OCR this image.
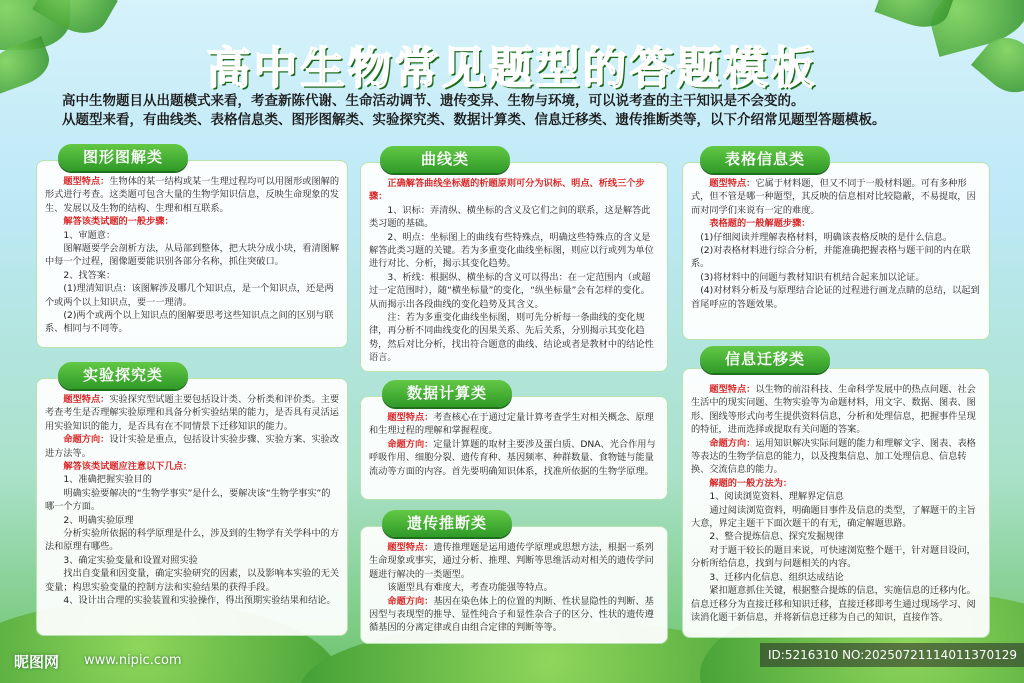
高中生物常见题型的答题模板
高中生物题目从出题模式来看，考查新陈代谢、生命活动调节、遗传变异、生物与环境，可以说考查的主干知识是不会变的。
从题型来看，有曲线类、表格信息类、图形图解类、实验探究类、数据计算类、信息迁移类、遗传推断类等，以下介绍常见题型答题模板。
题型特点：生物体的某一结构或某一生理过程均可以用图形或图解的形式进行考查。这类题可包含大量的生物学知识信息，反映生命现象的发生、发展以及生物的结构、生理和相互联系。
解答该类试题的一般步骤：
1、审题意：
图解题要学会剖析方法，从局部到整体，把大块分成小块，看清图解中每一个过程，图像题要能识别各部分名称，抓住突破口。
2、找答案：
(1)理清知识点：该图解涉及哪几个知识点，是一个知识点，还是两个或两个以上知识点，要一一理清。
(2)两个或两个以上知识点的图解要思考这些知识点之间的区别与联系、相同与不同等。
图形图解类
题型特点：实验探究型试题主要包括设计类、分析类和评价类。主要考查考生是否理解实验原理和具备分析实验结果的能力，是否具有灵活运用实验知识的能力，是否具有在不同情景下迁移知识的能力。
命题方向：设计实验是重点，包括设计实验步骤、实验方案、实验改进方法等。
解答该类试题应注意以下几点：
1、准确把握实验目的
明确实验要解决的“生物学事实”是什么，要解决该“生物学事实”的哪一个方面。
2、明确实验原理
分析实验所依据的科学原理是什么，涉及到的生物学有关学科中的方法和原理有哪些。
3、确定实验变量和设置对照实验
找出自变量和因变量，确定实验研究的因素，以及影响本实验的无关变量；构思实验变量的控制方法和实验结果的获得手段。
4、设计出合理的实验装置和实验操作，得出预期实验结果和结论。
实验探究类
正确解答曲线坐标题的析题原则可分为识标、明点、析线三个步骤：
1、识标：弄清纵、横坐标的含义及它们之间的联系，这是解答此类习题的基础。
2、明点：坐标图上的曲线有些特殊点，明确这些特殊点的含义是解答此类习题的关键。若为多重变化曲线坐标图，则应以行或列为单位进行对比、分析，揭示其变化趋势。
3、析线：根据纵、横坐标的含义可以得出：在一定范围内（或超过一定范围时），随“横坐标量”的变化，“纵坐标量”会有怎样的变化。从而揭示出各段曲线的变化趋势及其含义。
注：若为多重变化曲线坐标图，则可先分析每一条曲线的变化规律，再分析不同曲线变化的因果关系、先后关系，分别揭示其变化趋势，然后对比分析，找出符合题意的曲线、结论或者是教材中的结论性语言。
曲线类
题型特点：考查核心在于通过定量计算考查学生对相关概念、原理和生理过程的理解和掌握程度。
命题方向：定量计算题的取材主要涉及蛋白质、DNA、光合作用与呼吸作用、细胞分裂、遗传育种、基因频率、种群数量、食物链与能量流动等方面的内容。首先要明确知识体系，找准所依据的生物学原理。
数据计算类
题型特点：遗传推理题是运用遗传学原理或思想方法，根据一系列生命现象或事实，通过分析、推理、判断等思维活动对相关的遗传学问题进行解决的一类题型。
该题型具有难度大，考查功能强等特点。
命题方向：基因在染色体上的位置的判断、性状显隐性的判断、基因型与表现型的推导、显性纯合子和显性杂合子的区分、性状的遗传遵循基因的分离定律或自由组合定律的判断等等。
遗传推断类
题型特点：它属于材料题，但又不同于一般材料题。可有多种形式，但不管是哪一种题型，其反映的信息相对比较隐蔽，不易提取，因而对同学们来说有一定的难度。
表格题的一般解题步骤：
(1)仔细阅读并理解表格材料，明确该表格反映的是什么信息。
(2)对表格材料进行综合分析，并能准确把握表格与题干间的内在联系。
(3)将材料中的问题与教材知识有机结合起来加以论证。
(4)对材料分析及与原理结合论证的过程进行画龙点睛的总结，以起到首尾呼应的答题效果。
表格信息类
题型特点：以生物的前沿科技、生命科学发展中的热点问题、社会生活中的现实问题、生物实验等为命题材料，用文字、数据、图表、图形、图线等形式向考生提供资料信息，分析和处理信息，把握事件呈现的特征，进而选择或提取有关问题的答案。
命题方向：运用知识解决实际问题的能力和理解文字、图表、表格等表达的生物学信息的能力，以及搜集信息、加工处理信息、信息转换、交流信息的能力。
解题的一般方法为：
1、阅读浏览资料、理解界定信息
通过阅读浏览资料，明确题目事件及信息的类型，了解题干的主旨大意，界定主题干下面次题干的有无，确定解题思路。
2、整合提炼信息、探究发掘规律
对于题干较长的题目来说，可快速浏览整个题干，针对题目设问，分析所给信息，找到与问题相关的内容。
3、迁移内化信息、组织达成结论
紧扣题意抓住关键，根据整合提炼的信息，实施信息的迁移内化。信息迁移分为直接迁移和知识迁移，直接迁移即考生通过现场学习、阅读消化题干新信息，并将新信息迁移为自己的知识，直接作答。
信息迁移类
昵图网 www.nipic.com	ID:5216310 NO:20250721114011370129
